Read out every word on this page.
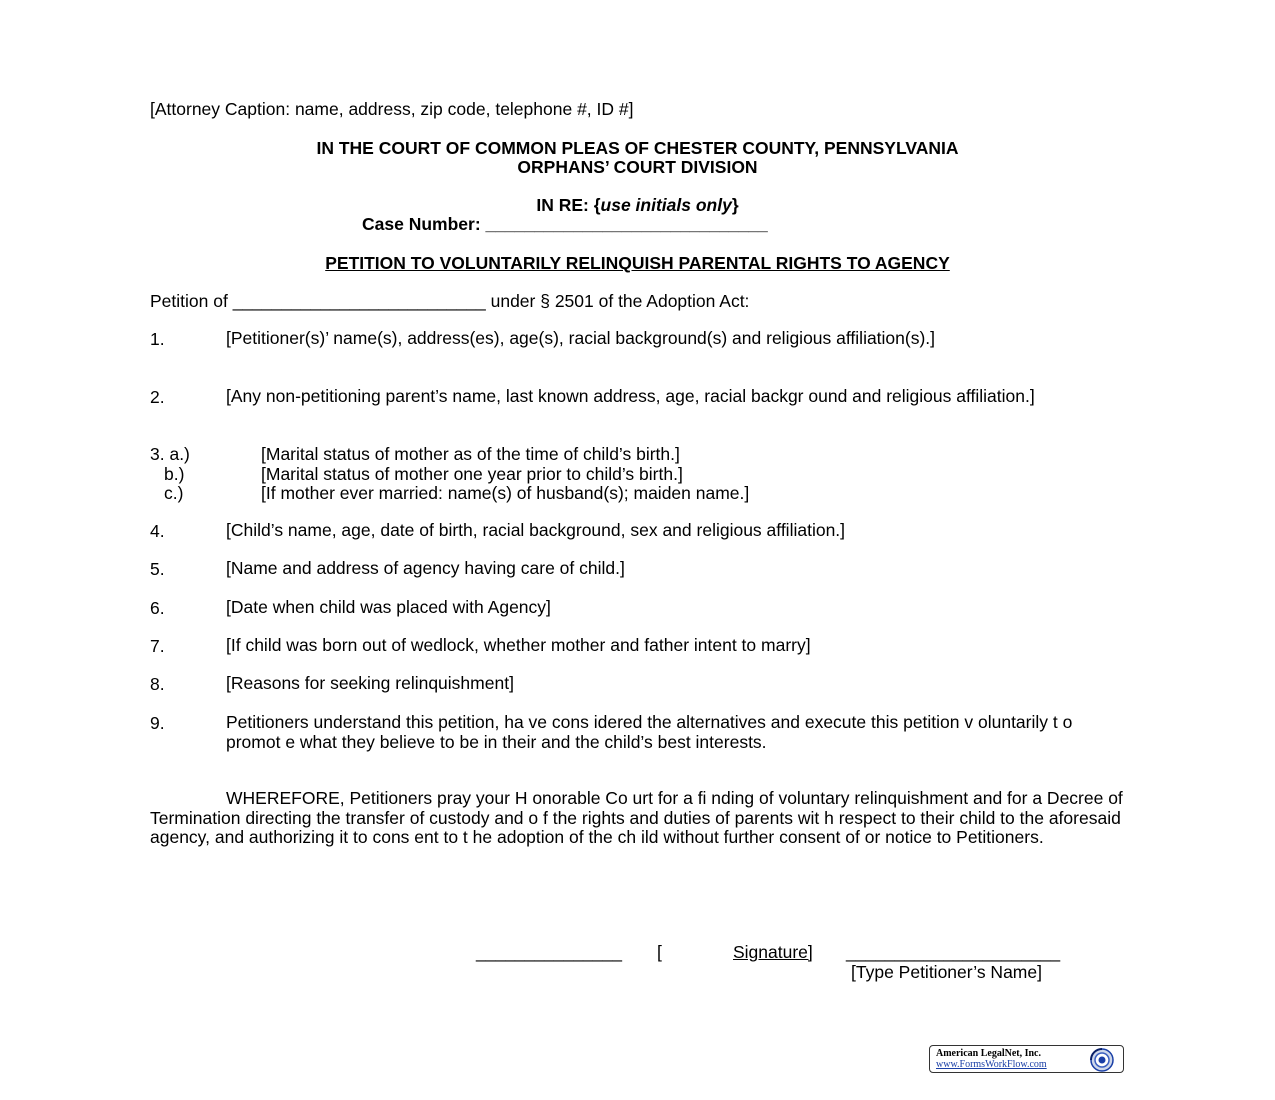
[Attorney Caption: name, address, zip code, telephone #, ID #]
IN THE COURT OF COMMON PLEAS OF CHESTER COUNTY, PENNSYLVANIA
ORPHANS’ COURT DIVISION
IN RE: {use initials only}
Case Number: _____________________________
PETITION TO VOLUNTARILY RELINQUISH PARENTAL RIGHTS TO AGENCY
Petition of __________________________ under § 2501 of the Adoption Act:
1.	[Petitioner(s)’ name(s), address(es), age(s), racial background(s) and religious affiliation(s).]
2.	[Any non-petitioning parent’s name, last known address, age, racial backgr ound and religious affiliation.]
3. a.)	[Marital status of mother as of the time of child’s birth.]
b.)	[Marital status of mother one year prior to child’s birth.]
c.)	[If mother ever married: name(s) of husband(s); maiden name.]
4.	[Child’s name, age, date of birth, racial background, sex and religious affiliation.]
5.	[Name and address of agency having care of child.]
6.	[Date when child was placed with Agency]
7.	[If child was born out of wedlock, whether mother and father intent to marry]
8.	[Reasons for seeking relinquishment]
9.	Petitioners understand this petition, ha ve cons idered the alternatives and execute this petition v oluntarily t o promot e what they believe to be in their and the child’s best interests.
WHEREFORE, Petitioners pray your H onorable Co urt for a fi nding of voluntary relinquishment and for a Decree of Termination directing the transfer of custody and o f the rights and duties of parents wit h respect to their child to the aforesaid agency, and authorizing it to cons ent to t he adoption of the ch ild without further consent of or notice to Petitioners.
_______________ [	Signature] ______________________
[Type Petitioner’s Name]
American LegalNet, Inc.
www.FormsWorkFlow.com
